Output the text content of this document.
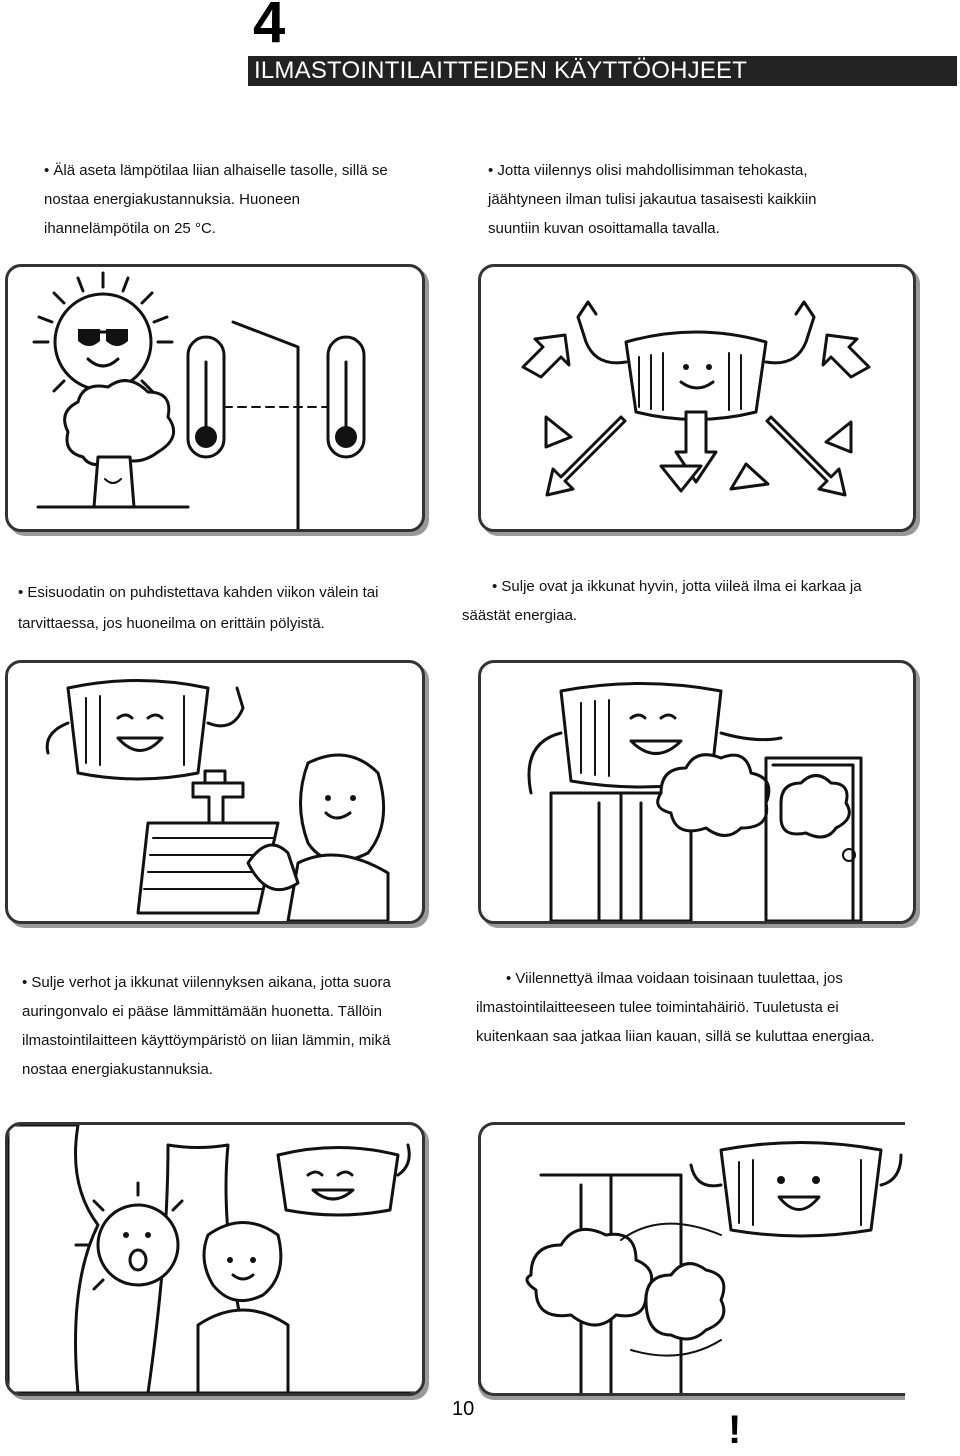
4
ILMASTOINTILAITTEIDEN KÄYTTÖOHJEET
• Älä aseta lämpötilaa liian alhaiselle tasolle, sillä se
nostaa energiakustannuksia. Huoneen
ihannelämpötila on 25 °C.
• Jotta viilennys olisi mahdollisimman tehokasta,
jäähtyneen ilman tulisi jakautua tasaisesti kaikkiin
suuntiin kuvan osoittamalla tavalla.
• Esisuodatin on puhdistettava kahden viikon välein tai
tarvittaessa, jos huoneilma on erittäin pölyistä.
• Sulje ovat ja ikkunat hyvin, jotta viileä ilma ei karkaa ja
säästät energiaa.
• Sulje verhot ja ikkunat viilennyksen aikana, jotta suora
auringonvalo ei pääse lämmittämään huonetta. Tällöin
ilmastointilaitteen käyttöympäristö on liian lämmin, mikä
nostaa energiakustannuksia.
• Viilennettyä ilmaa voidaan toisinaan tuulettaa, jos
ilmastointilaitteeseen tulee toimintahäiriö. Tuuletusta ei
kuitenkaan saa jatkaa liian kauan, sillä se kuluttaa energiaa.
10	!
